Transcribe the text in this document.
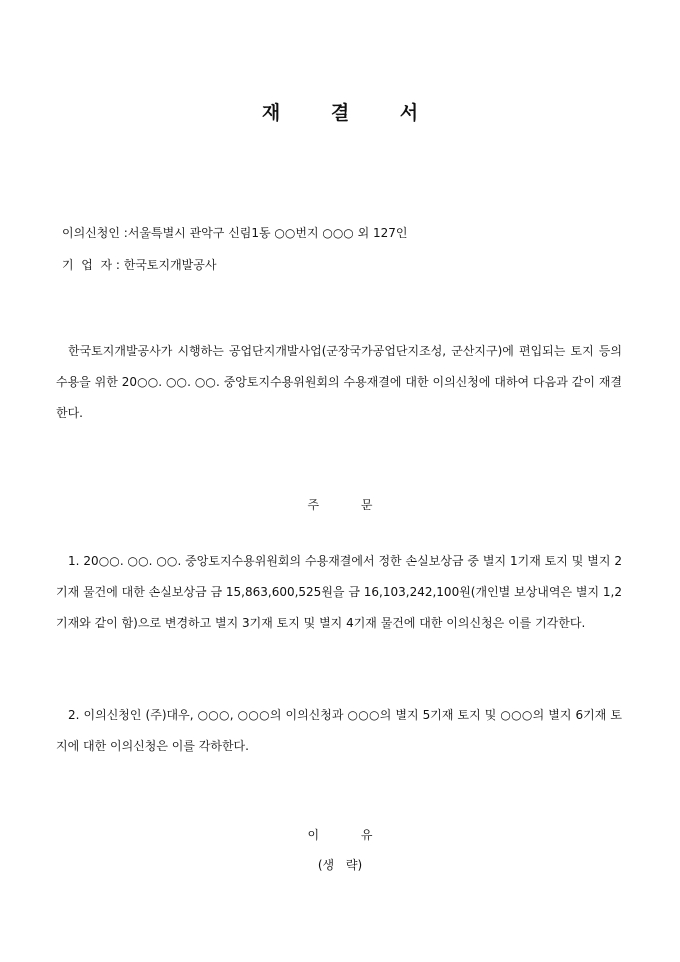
재 결 서
이의신청인 :서울특별시 관악구 신림1동 ○○번지 ○○○ 외 127인
기  업  자 : 한국토지개발공사

한국토지개발공사가 시행하는 공업단지개발사업(군장국가공업단지조성, 군산지구)에 편입되는 토지 등의 수용을 위한 20○○. ○○. ○○. 중앙토지수용위원회의 수용재결에 대한 이의신청에 대하여 다음과 같이 재결한다.

주 문

1. 20○○. ○○. ○○. 중앙토지수용위원회의 수용재결에서 정한 손실보상금 중 별지 1기재 토지 및 별지 2기재 물건에 대한 손실보상금 금 15,863,600,525원을 금 16,103,242,100원(개인별 보상내역은 별지 1,2기재와 같이 함)으로 변경하고 별지 3기재 토지 및 별지 4기재 물건에 대한 이의신청은 이를 기각한다.

2. 이의신청인 (주)대우, ○○○, ○○○의 이의신청과 ○○○의 별지 5기재 토지 및 ○○○의 별지 6기재 토지에 대한 이의신청은 이를 각하한다.

이 유
(생 략)
